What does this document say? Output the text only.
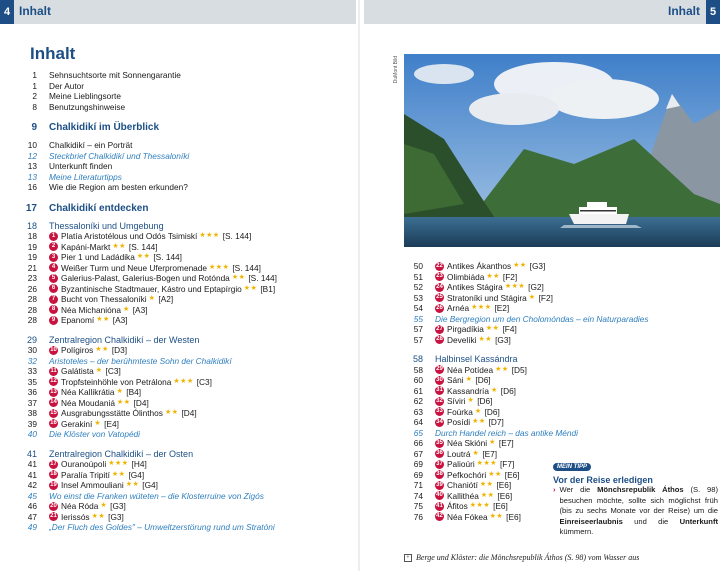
4 Inhalt	Inhalt 5
Inhalt
1	Sehnsuchtsorte mit Sonnengarantie
1	Der Autor
2	Meine Lieblingsorte
8	Benutzungshinweise
9	Chalkidikí im Überblick
10	Chalkidikí – ein Porträt
12	Steckbrief Chalkidikí und Thessaloníki
13	Unterkunft finden
13	Meine Literaturtipps
16	Wie die Region am besten erkunden?
17	Chalkidikí entdecken
18	Thessaloníki und Umgebung
18	1 Platía Aristotélous und Odós Tsimiskí ★★★ [S. 144]
19	2 Kapáni-Markt ★★ [S. 144]
19	3 Pier 1 und Ladádika ★★ [S. 144]
21	4 Weißer Turm und Neue Uferpromenade ★★★ [S. 144]
23	5 Galerius-Palast, Galerius-Bogen und Rotónda ★★ [S. 144]
26	6 Byzantinische Stadtmauer, Kástro und Eptapírgio ★★ [B1]
28	7 Bucht von Thessaloníki ★ [A2]
28	8 Néa Michanióna ★ [A3]
28	9 Epanomí ★★ [A3]
29	Zentralregion Chalkidikí – der Westen
30	10 Polígiros ★★ [D3]
32	Aristoteles – der berühmteste Sohn der Chalkidikí
33	11 Galátista ★ [C3]
35	12 Tropfsteinhöhle von Petrálona ★★★ [C3]
36	13 Néa Kallikrátia ★ [B4]
37	14 Néa Moudaniá ★★ [D4]
38	15 Ausgrabungsstätte Ólinthos ★★ [D4]
39	16 Gerakiní ★ [E4]
40	Die Klöster von Vatopédi
41	Zentralregion Chalkidikí – der Osten
41	17 Ouranoúpoli ★★★ [H4]
41	18 Paralía Tripití ★★ [G4]
42	19 Insel Ammouliani ★★ [G4]
45	Wo einst die Franken wüteten – die Klosterruine von Zigós
46	20 Néa Róda ★ [G3]
47	21 Ierissós ★★ [G3]
49	„Der Fluch des Goldes" – Umweltzerstörung rund um Stratóni
DuMont Bild
50	22 Antikes Ákanthos ★★ [G3]
51	23 Olimbiáda ★★ [F2]
52	24 Antikes Stágira ★★★ [G2]
53	25 Stratoníki und Stágira ★ [F2]
54	26 Arnéa ★★★ [E2]
55	Die Bergregion um den Cholomóndas – ein Naturparadies
57	27 Pirgadíkia ★★ [F4]
57	28 Develíki ★★ [G3]
58	Halbinsel Kassándra
58	29 Néa Potídea ★★ [D5]
60	30 Sáni ★ [D6]
61	31 Kassandría ★ [D6]
62	32 Síviri ★ [D6]
63	33 Foúrka ★ [D6]
64	34 Posídi ★★ [D7]
65	Durch Handel reich – das antike Méndi
66	35 Néa Skióni ★ [E7]
67	36 Loutrá ★ [E7]
69	37 Palioúri ★★★ [F7]
69	38 Pefkochóri ★★ [E6]
71	39 Chaniótí ★★ [E6]
74	40 Kallithéa ★★ [E6]
75	41 Áfitos ★★★ [E6]
76	42 Néa Fókea ★★ [E6]
MEIN TIPP
Vor der Reise erledigen
› Wer die Mönchsrepublik Áthos (S. 98) besuchen möchte, sollte sich möglichst früh (bis zu sechs Monate vor der Reise) um die Einreiseerlaubnis und die Unterkunft kümmern.
+ Berge und Klöster: die Mönchsrepublik Áthos (S. 98) vom Wasser aus
